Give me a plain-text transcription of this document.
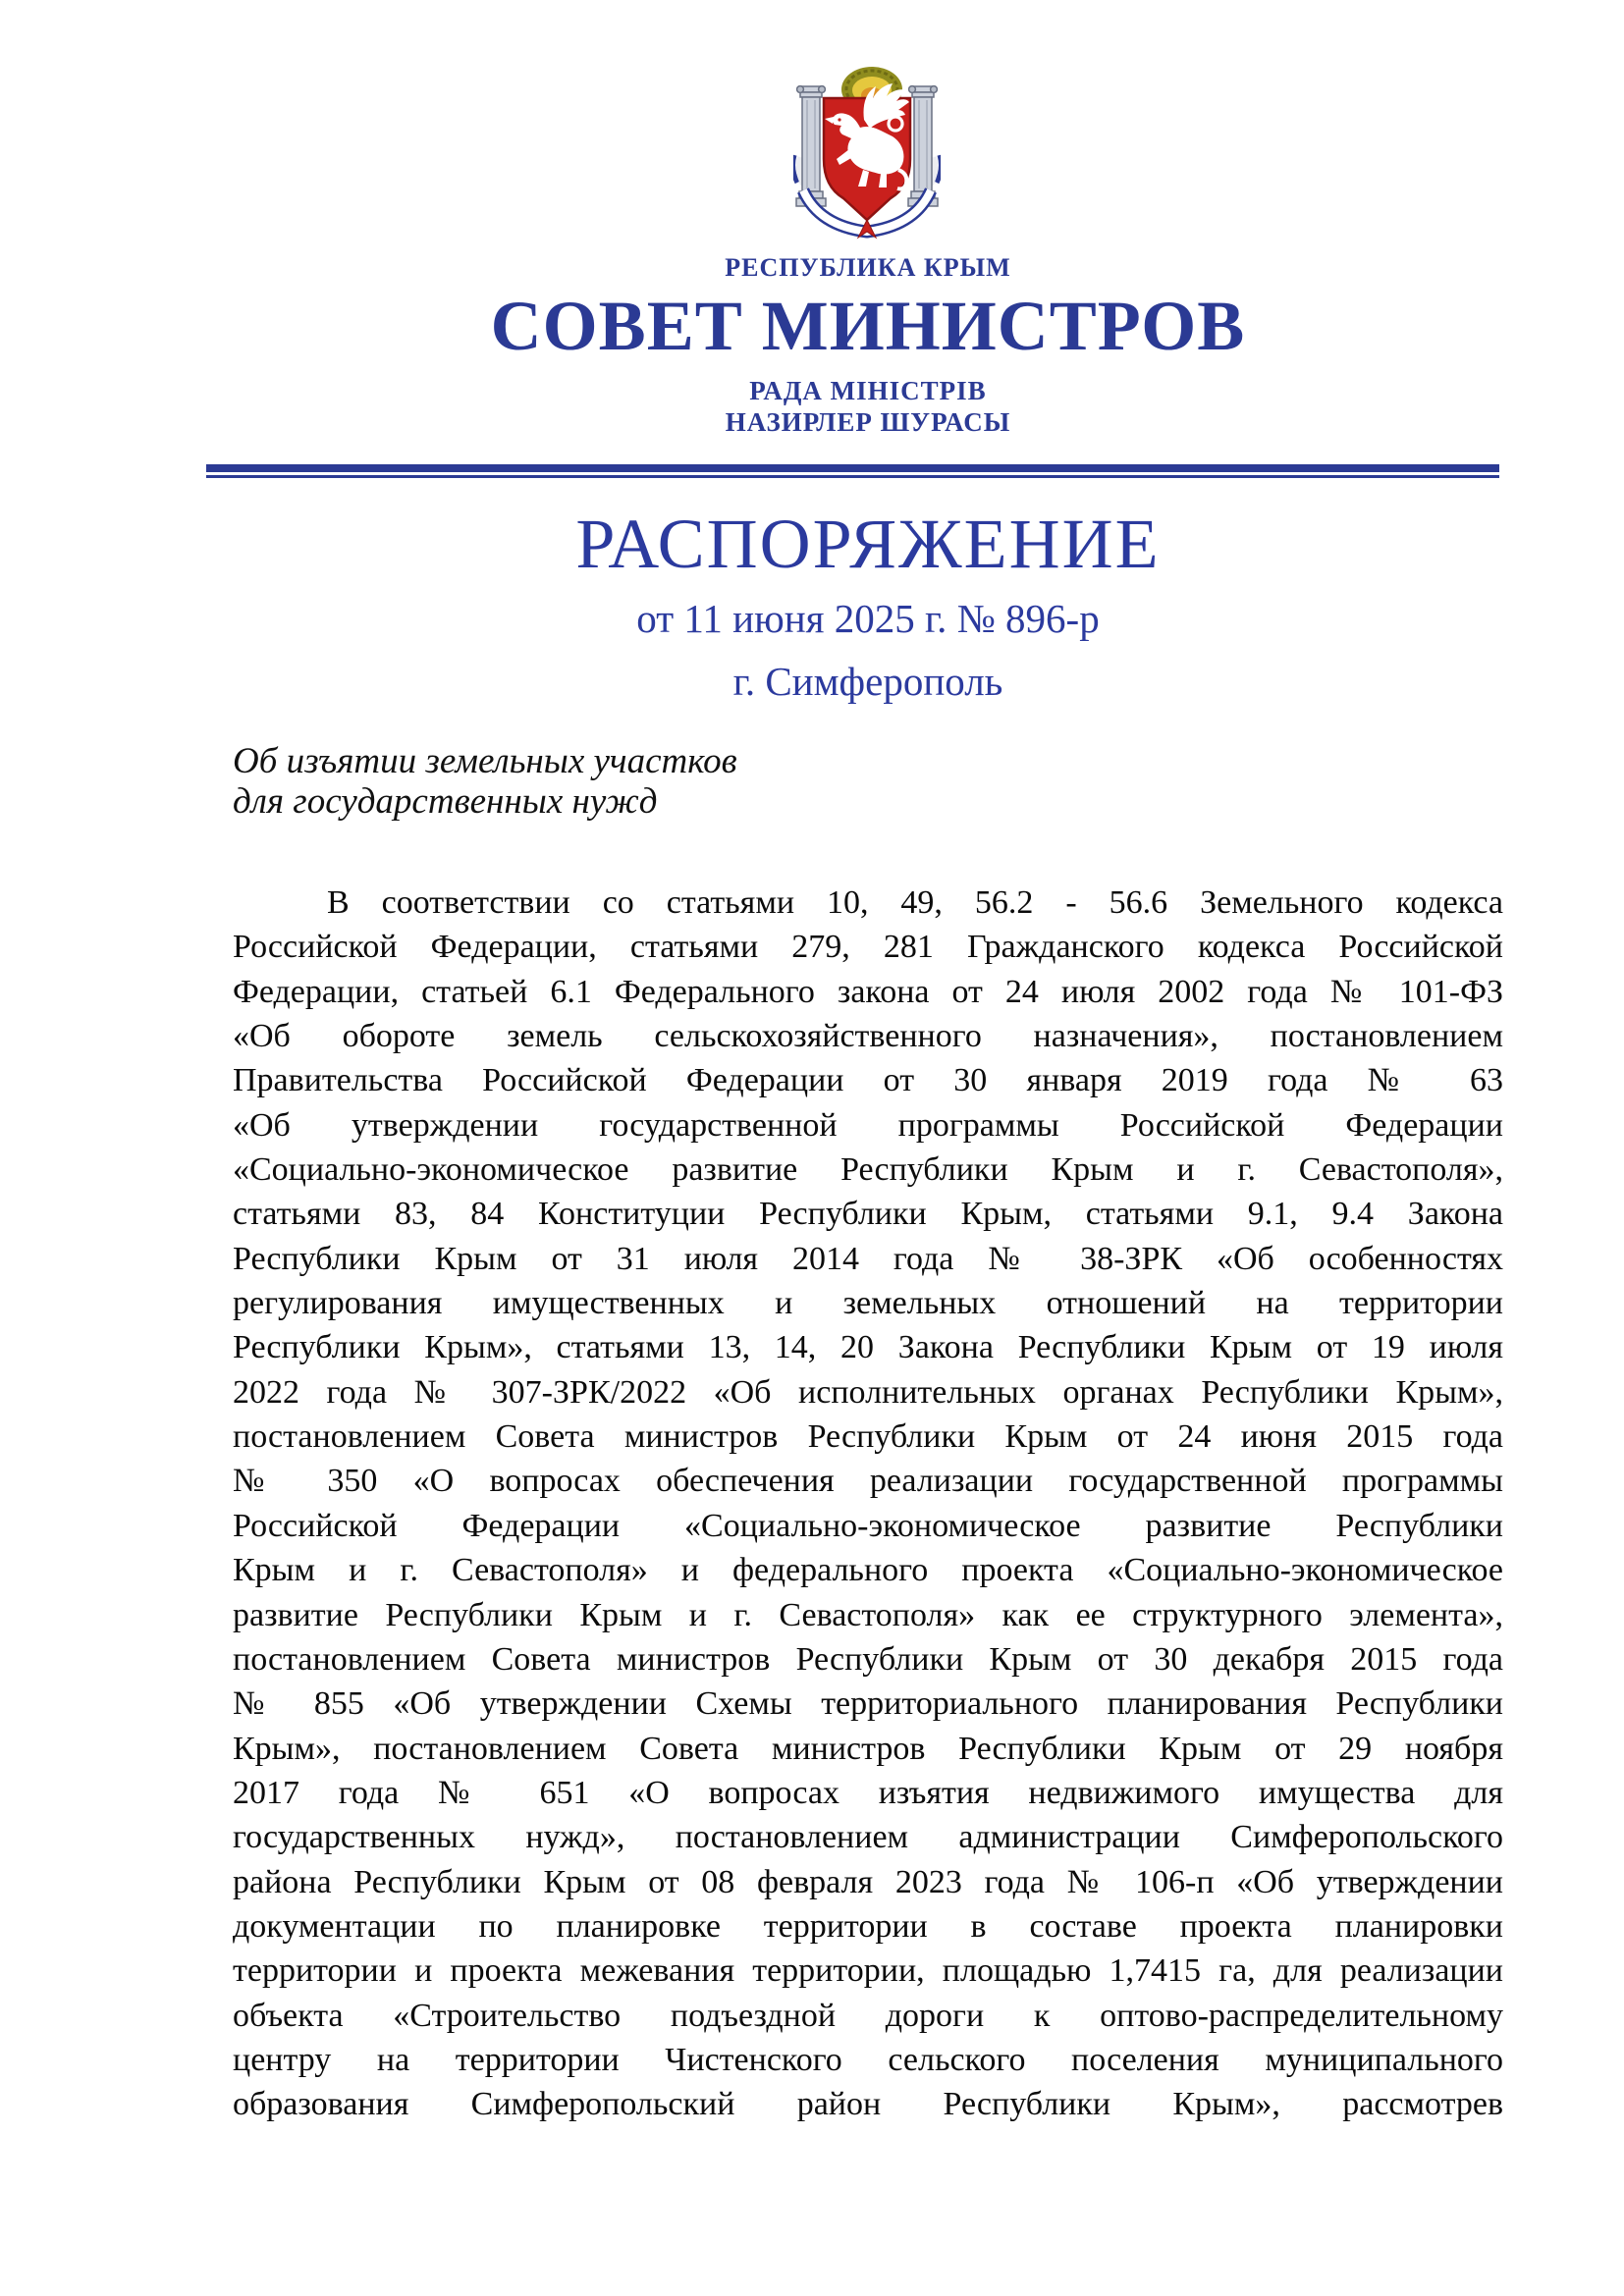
РЕСПУБЛИКА КРЫМ
СОВЕТ МИНИСТРОВ
РАДА МІНІСТРІВ
НАЗИРЛЕР ШУРАСЫ
РАСПОРЯЖЕНИЕ
от 11 июня 2025 г. № 896-р
г. Симферополь
Об изъятии земельных участков
для государственных нужд
В соответствии со статьями 10, 49, 56.2 - 56.6 Земельного кодекса
Российской Федерации, статьями 279, 281 Гражданского кодекса Российской
Федерации, статьей 6.1 Федерального закона от 24 июля 2002 года № 101-ФЗ
«Об обороте земель сельскохозяйственного назначения», постановлением
Правительства Российской Федерации от 30 января 2019 года № 63
«Об утверждении государственной программы Российской Федерации
«Социально-экономическое развитие Республики Крым и г. Севастополя»,
статьями 83, 84 Конституции Республики Крым, статьями 9.1, 9.4 Закона
Республики Крым от 31 июля 2014 года № 38-ЗРК «Об особенностях
регулирования имущественных и земельных отношений на территории
Республики Крым», статьями 13, 14, 20 Закона Республики Крым от 19 июля
2022 года № 307-ЗРК/2022 «Об исполнительных органах Республики Крым»,
постановлением Совета министров Республики Крым от 24 июня 2015 года
№ 350 «О вопросах обеспечения реализации государственной программы
Российской Федерации «Социально-экономическое развитие Республики
Крым и г. Севастополя» и федерального проекта «Социально-экономическое
развитие Республики Крым и г. Севастополя» как ее структурного элемента»,
постановлением Совета министров Республики Крым от 30 декабря 2015 года
№ 855 «Об утверждении Схемы территориального планирования Республики
Крым», постановлением Совета министров Республики Крым от 29 ноября
2017 года № 651 «О вопросах изъятия недвижимого имущества для
государственных нужд», постановлением администрации Симферопольского
района Республики Крым от 08 февраля 2023 года № 106-п «Об утверждении
документации по планировке территории в составе проекта планировки
территории и проекта межевания территории, площадью 1,7415 га, для реализации
объекта «Строительство подъездной дороги к оптово-распределительному
центру на территории Чистенского сельского поселения муниципального
образования Симферопольский район Республики Крым», рассмотрев
